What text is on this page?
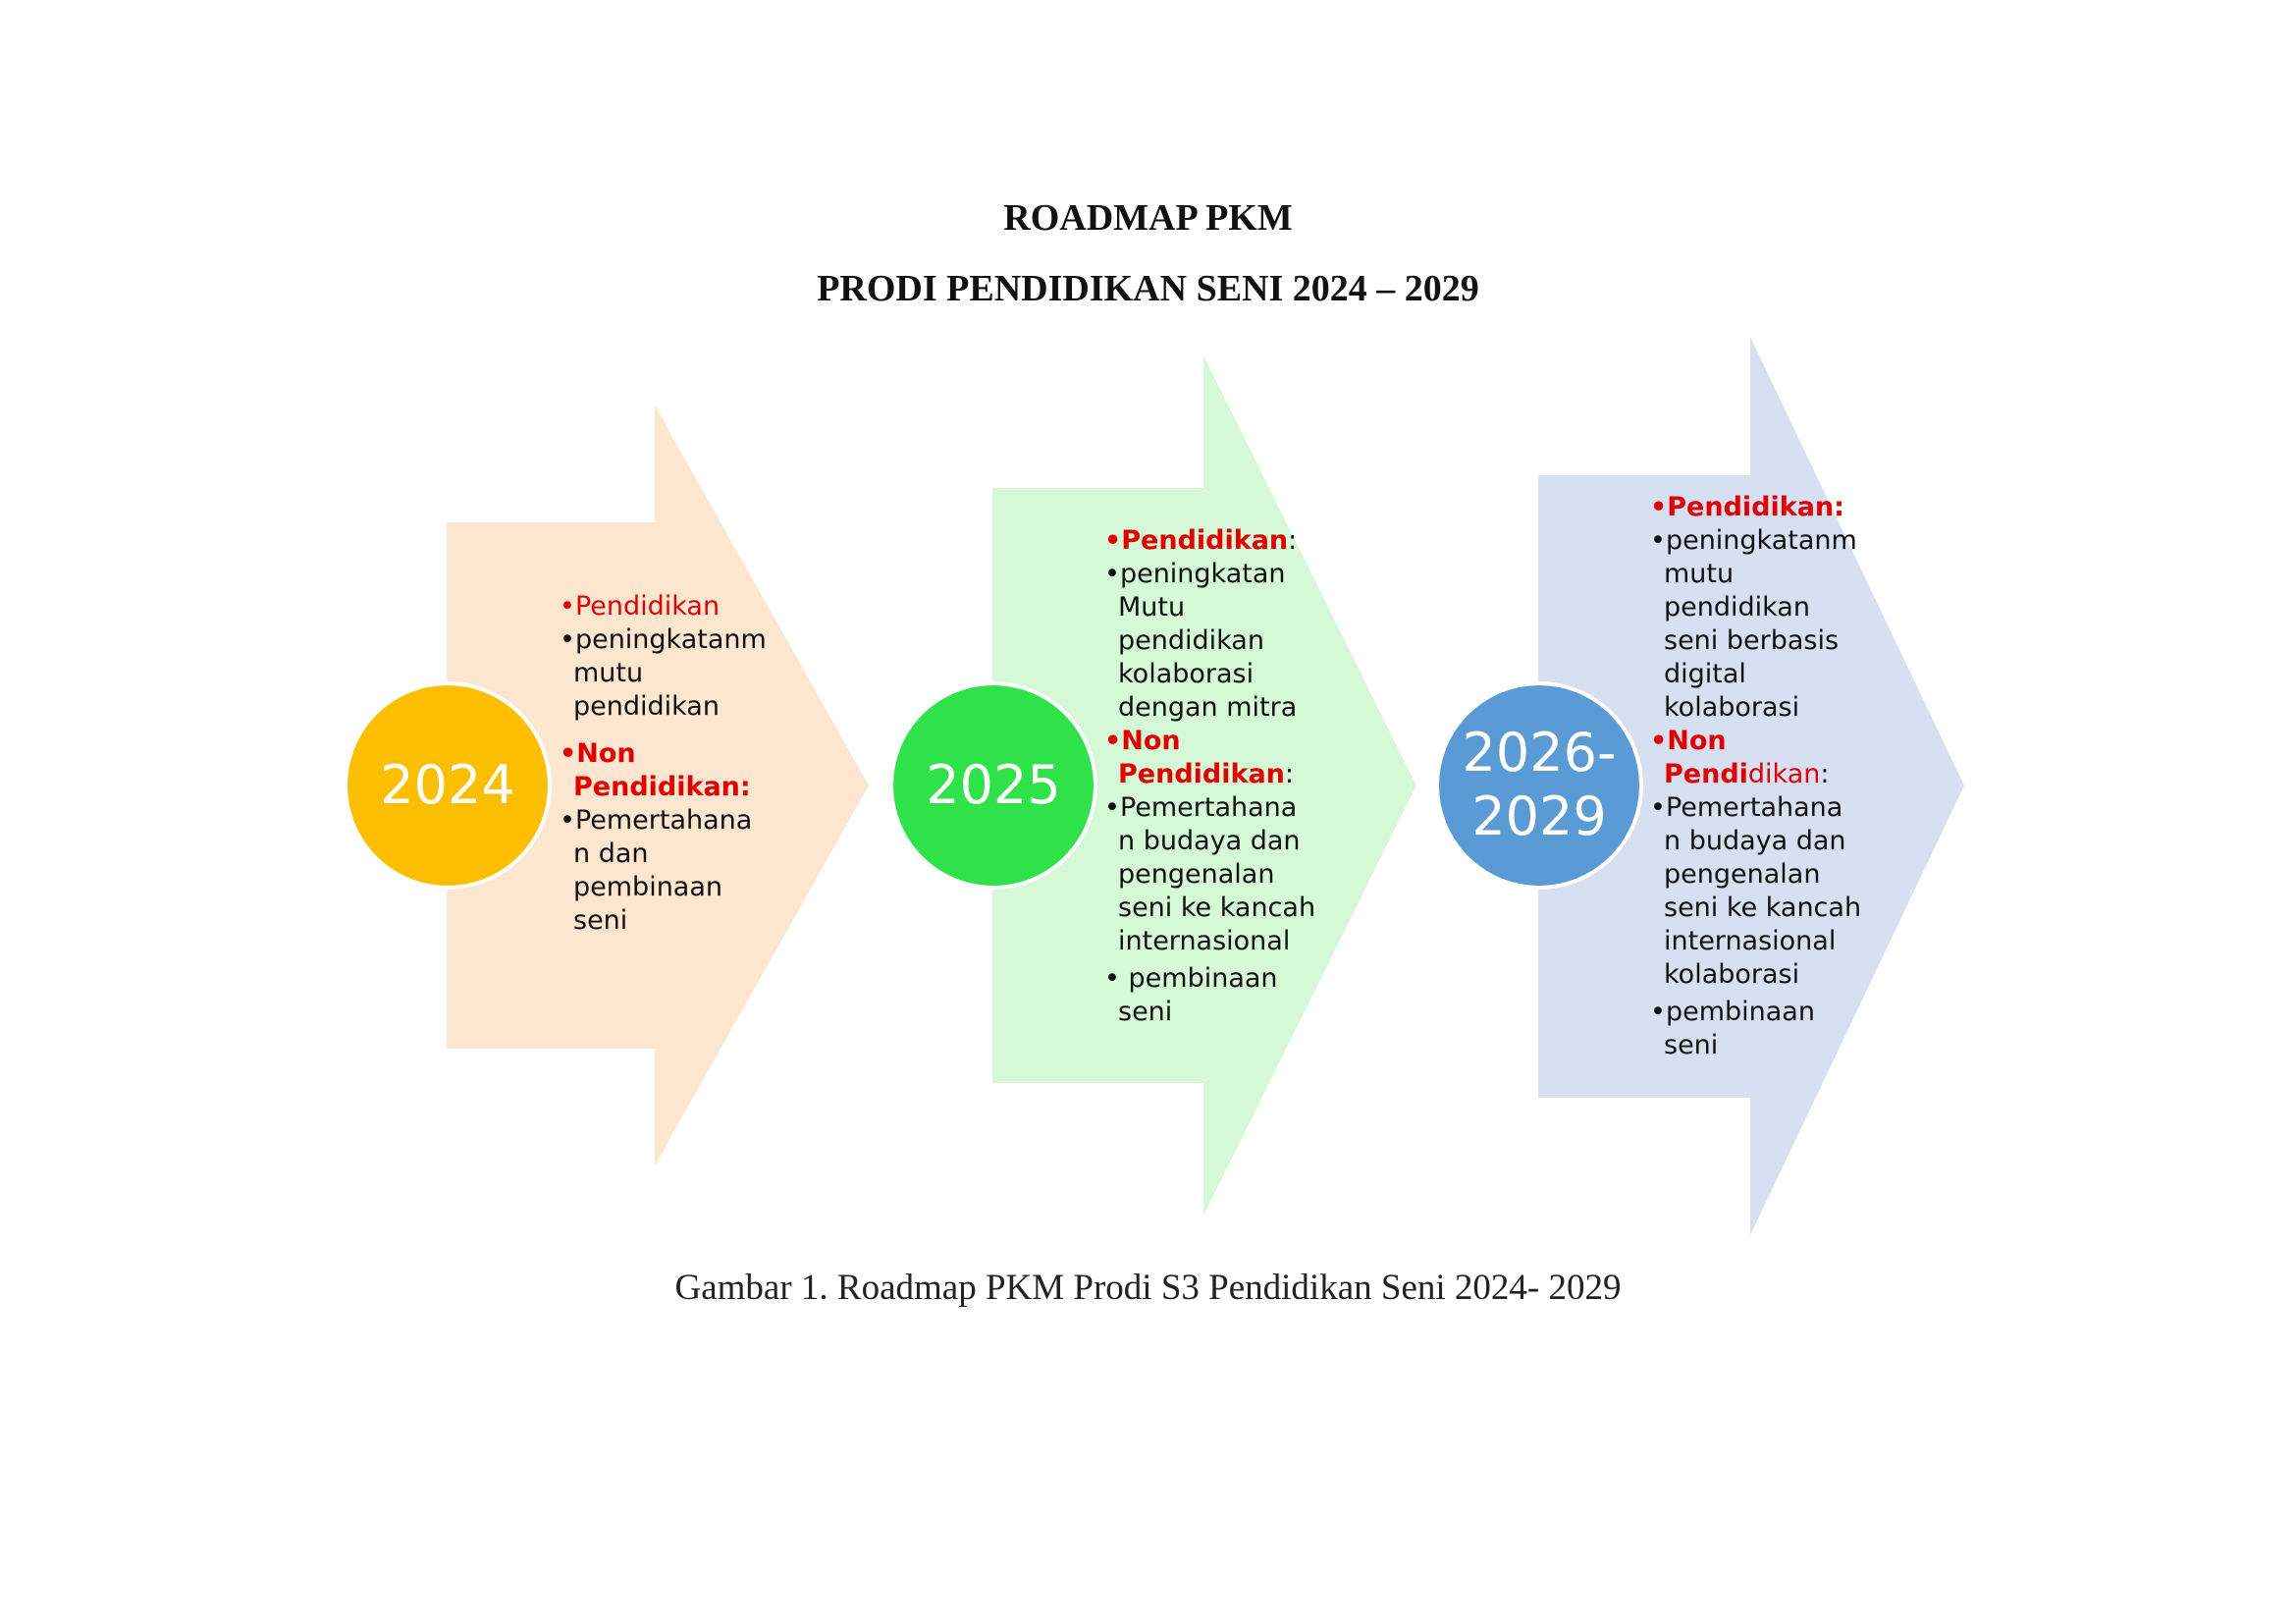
ROADMAP PKM
PRODI PENDIDIKAN SENI 2024 – 2029
2024
•Pendidikan
•peningkatanm
mutu
pendidikan
•Non
Pendidikan:
•Pemertahana
n dan
pembinaan
seni
2025
•Pendidikan:
•peningkatan
Mutu
pendidikan
kolaborasi
dengan mitra
•Non
Pendidikan:
•Pemertahana
n budaya dan
pengenalan
seni ke kancah
internasional
• pembinaan
seni
2026-
2029
•Pendidikan:
•peningkatanm
mutu
pendidikan
seni berbasis
digital
kolaborasi
•Non
Pendidikan:
•Pemertahana
n budaya dan
pengenalan
seni ke kancah
internasional
kolaborasi
•pembinaan
seni
Gambar 1. Roadmap PKM Prodi S3 Pendidikan Seni 2024- 2029
